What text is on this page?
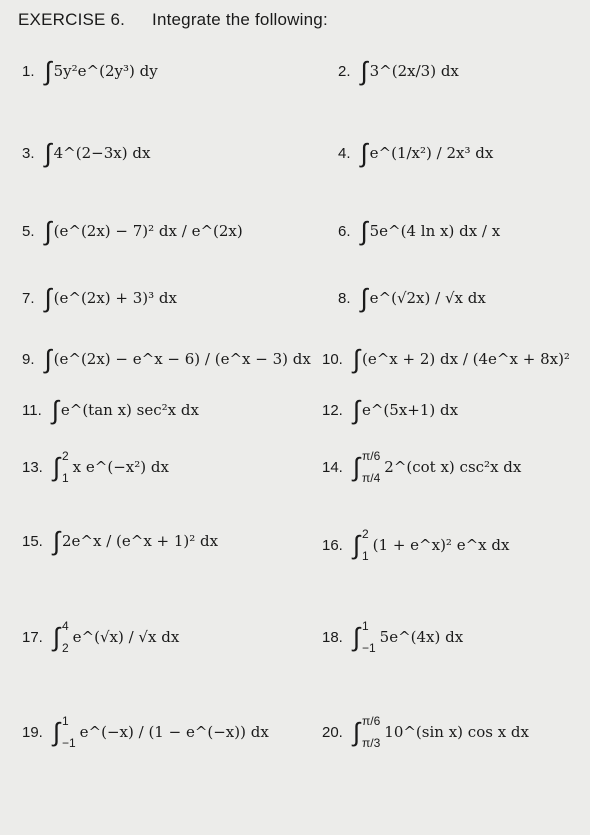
EXERCISE 6. Integrate the following:
1. ∫ 5y²e^(2y³) dy
3. ∫ 4^(2−3x) dx
5. ∫ (e^(2x) − 7)² dx / e^(2x)
7. ∫ (e^(2x) + 3)³ dx
9. ∫ (e^(2x) − e^x − 6) / (e^x − 3) dx
11. ∫ e^(tan x) sec²x dx
13. ∫ 2
1
x e^(−x²) dx
15. ∫ 2e^x / (e^x + 1)² dx
17. ∫ 4
2
e^(√x) / √x dx
19. ∫ 1
−1
e^(−x) / (1 − e^(−x)) dx
2. ∫ 3^(2x/3) dx
4. ∫ e^(1/x²) / 2x³ dx
6. ∫ 5e^(4 ln x) dx / x
8. ∫ e^(√2x) / √x dx
10. ∫ (e^x + 2) dx / (4e^x + 8x)²
12. ∫ e^(5x+1) dx
14. ∫ π/6
π/4
2^(cot x) csc²x dx
16. ∫ 2
1
(1 + e^x)² e^x dx
18. ∫ 1
−1
5e^(4x) dx
20. ∫ π/6
π/3
10^(sin x) cos x dx
